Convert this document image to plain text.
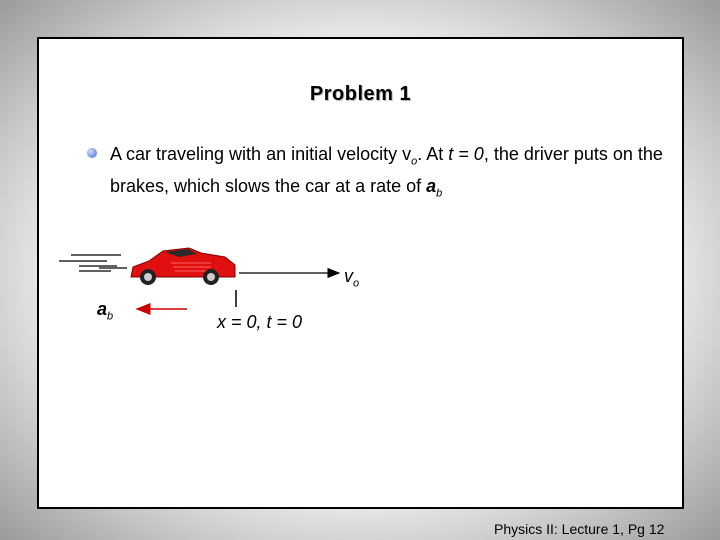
Problem 1
A car traveling with an initial velocity $v_o$. At t = 0, the driver puts on the brakes, which slows the car at a rate of $a_b$
$v_o$
$a_b$	x = 0, t = 0
Physics II: Lecture 1, Pg 12
